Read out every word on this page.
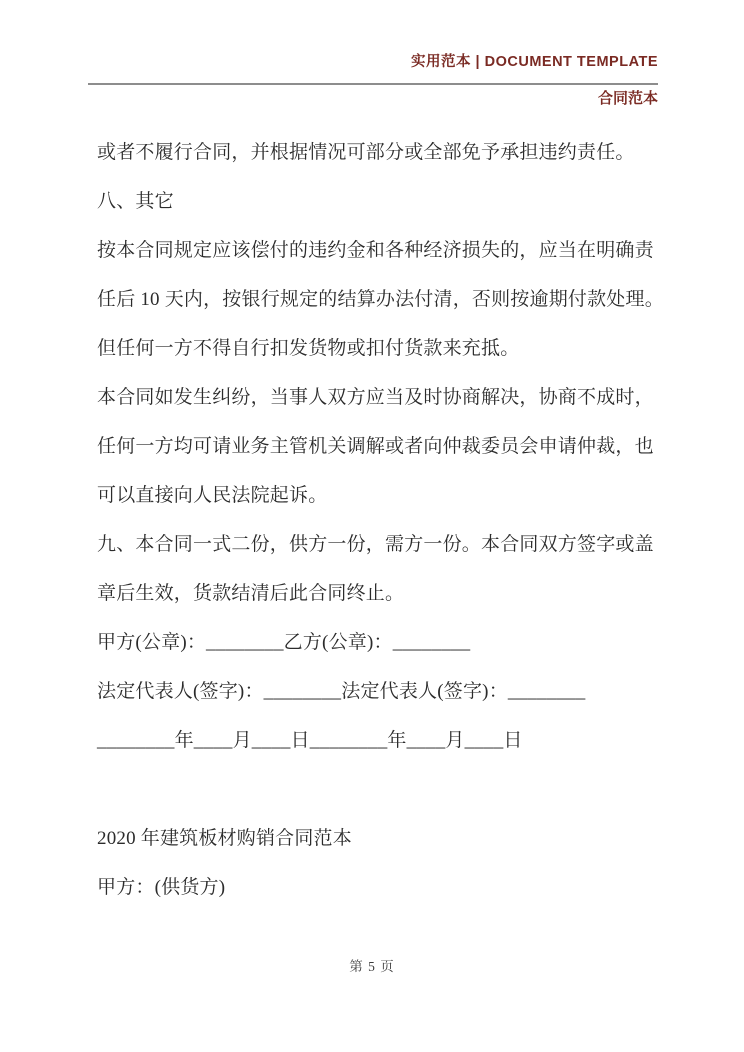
实用范本 | DOCUMENT TEMPLATE
合同范本
或者不履行合同，并根据情况可部分或全部免予承担违约责任。
八、其它
按本合同规定应该偿付的违约金和各种经济损失的，应当在明确责
任后 10 天内，按银行规定的结算办法付清，否则按逾期付款处理。
但任何一方不得自行扣发货物或扣付货款来充抵。
本合同如发生纠纷，当事人双方应当及时协商解决，协商不成时，
任何一方均可请业务主管机关调解或者向仲裁委员会申请仲裁，也
可以直接向人民法院起诉。
九、本合同一式二份，供方一份，需方一份。本合同双方签字或盖
章后生效，货款结清后此合同终止。
甲方(公章)：________乙方(公章)：________
法定代表人(签字)：________法定代表人(签字)：________
________年____月____日________年____月____日
2020 年建筑板材购销合同范本
甲方：(供货方)
第 5 页
